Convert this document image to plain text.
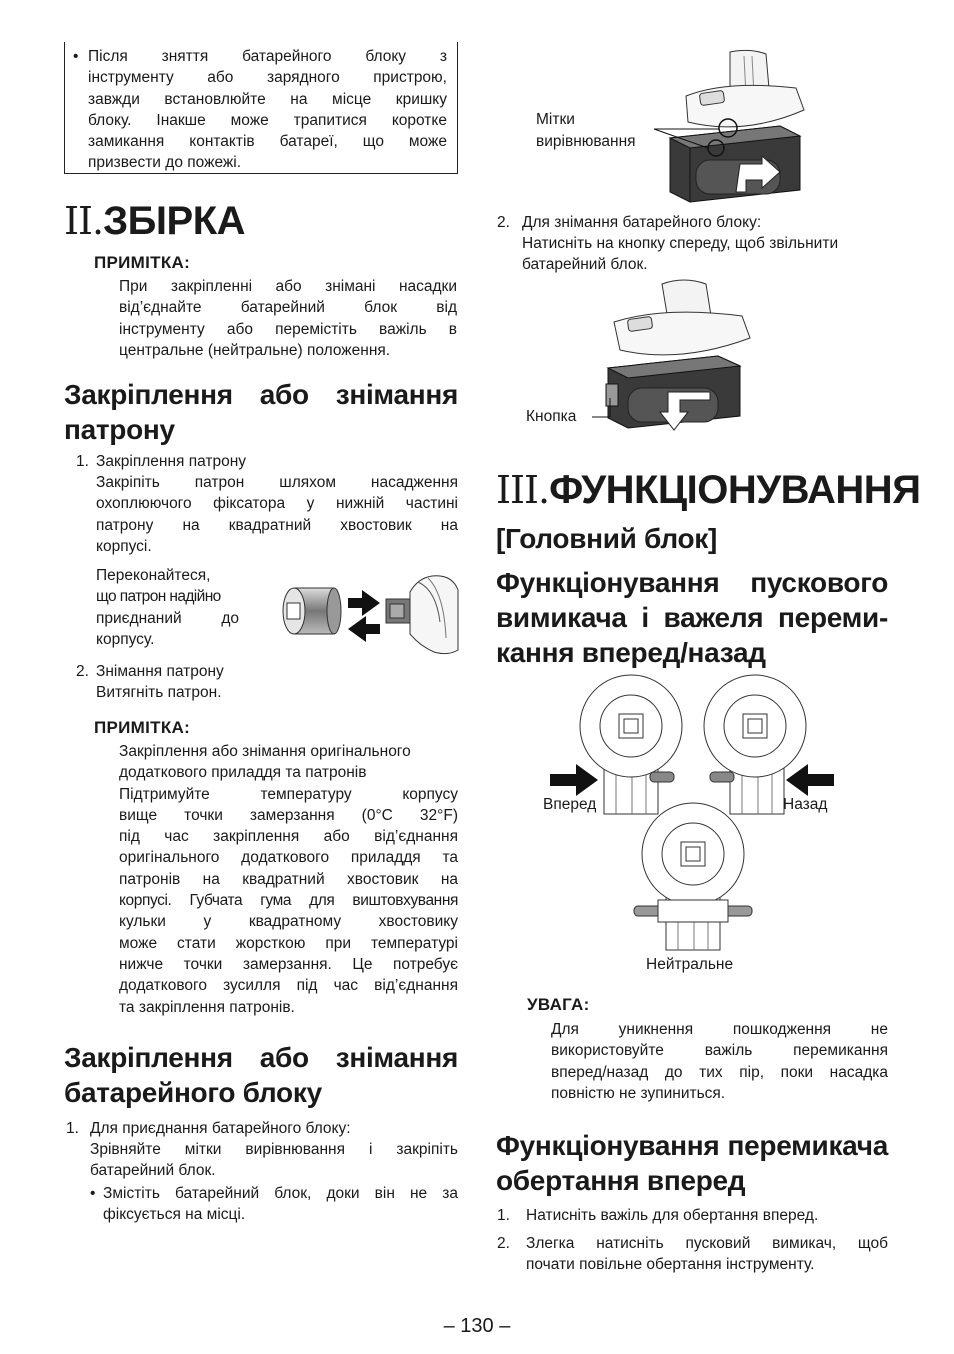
• Після зняття батарейного блоку з
інструменту або зарядного пристрою,
завжди встановлюйте на місце кришку
блоку. Інакше може трапитися коротке
замикання контактів батареї, що може
призвести до пожежі.
II.ЗБІРКА
ПРИМІТКА:
При закріпленні або знімані насадки
від’єднайте батарейний блок від
інструменту або перемістіть важіль в
центральне (нейтральне) положення.
Закріплення або знімання
патрону
1. Закріплення патрону
Закріпіть патрон шляхом насадження
охоплюючого фіксатора у нижній частині
патрону на квадратний хвостовик на
корпусі.
Переконайтеся,
що патрон надійно
приєднаний до
корпусу.
2. Знімання патрону
Витягніть патрон.
ПРИМІТКА:
Закріплення або знімання оригінального
додаткового приладдя та патронів
Підтримуйте температуру корпусу
вище точки замерзання (0°C 32°F)
під час закріплення або від’єднання
оригінального додаткового приладдя та
патронів на квадратний хвостовик на
корпусі. Губчата гума для виштовхування
кульки у квадратному хвостовику
може стати жорсткою при температурі
нижче точки замерзання. Це потребує
додаткового зусилля під час від’єднання
та закріплення патронів.
Закріплення або знімання
батарейного блоку
1. Для приєднання батарейного блоку:
Зрівняйте мітки вирівнювання і закріпіть
батарейний блок.
• Змістіть батарейний блок, доки він не за
фіксується на місці.
Мітки
вирівнювання
2. Для знімання батарейного блоку:
Натисніть на кнопку спереду, щоб звільнити
батарейний блок.
Кнопка
III.ФУНКЦІОНУВАННЯ
[Головний блок]
Функціонування пускового
вимикача і важеля переми-
кання вперед/назад
Вперед	Назад
Нейтральне
УВАГА:
Для уникнення пошкодження не
використовуйте важіль перемикання
вперед/назад до тих пір, поки насадка
повністю не зупиниться.
Функціонування перемикача
обертання вперед
1. Натисніть важіль для обертання вперед.
2. Злегка натисніть пусковий вимикач, щоб
почати повільне обертання інструменту.
– 130 –
